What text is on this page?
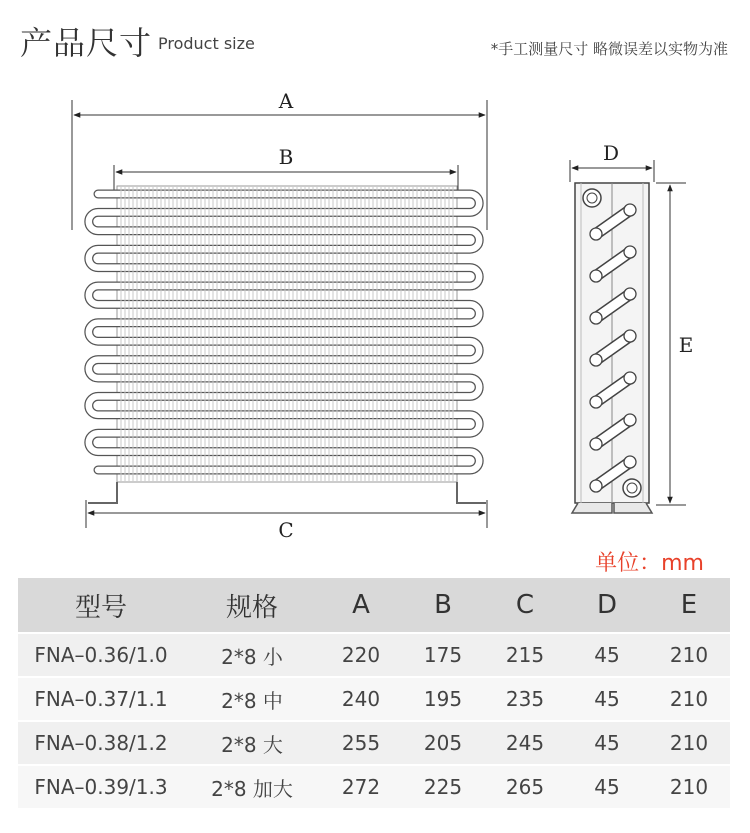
产品尺寸 Product size	*手工测量尺寸 略微误差以实物为准
A
B
C
D
E
单位：mm
型号	规格	A	B	C	D	E
FNA–0.36/1.0	2*8 小	220	175	215	45	210
FNA–0.37/1.1	2*8 中	240	195	235	45	210
FNA–0.38/1.2	2*8 大	255	205	245	45	210
FNA–0.39/1.3	2*8 加大	272	225	265	45	210
